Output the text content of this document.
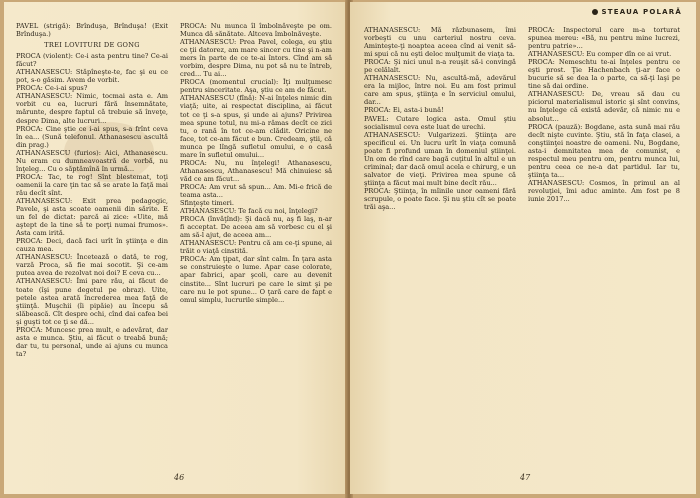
PAVEL (strigă): Brînduşa, Brînduşa! (Exit Brînduşa.)

TREI LOVITURI DE GONG

PROCA (violent): Ce-i asta pentru tine? Ce-ai făcut?

ATHANASESCU: Stăpîneşte-te, fac şi eu ce pot, s-o găsim. Avem de vorbit.

PROCA: Ce-i-ai spus?

ATHANASESCU: Nimic, tocmai asta e. Am vorbit cu ea, lucruri fără însemnătate, mărunte, despre faptul că trebuie să înveţe, despre Dima, alte lucruri...

PROCA: Cine ştie ce i-ai spus, s-a frînt ceva în ea... (Sună telefonul. Athanasescu ascultă din prag.)

ATHANASESCU (furios): Aici, Athanasescu. Nu eram cu dumneavoastră de vorbă, nu înţeleg... Cu o săptămînă în urmă...

PROCA: Tac, te rog! Sînt blestemat, toţi oamenii la care ţin tac să se arate la faţă mai rău decît sînt.

ATHANASESCU: Exit prea pedagogic, Pavele, şi asta scoate oamenii din sărite. E un fel de dictat: parcă ai zice: «Uite, mă aştept de la tine să te porţi numai frumos». Asta cam irită.

PROCA: Deci, dacă faci urît în ştiinţa e din cauza mea.

ATHANASESCU: Încetează o dată, te rog, varză Proca, să fie mai socotit. Şi ce-am putea avea de rezolvat noi doi? E ceva cu...

ATHANASESCU: Îmi pare rău, ai făcut de toate (îşi pune degetul pe obraz). Uite, petele astea arată încrederea mea faţă de ştiinţă. Muşchii (îi pipăie) au începu să slăbească. Cît despre ochi, cînd dai cafea bei şi guşti tot ce ţi se dă...

PROCA: Muncesc prea mult, e adevărat, dar asta e munca. Ştiu, ai făcut o treabă bună; dar tu, tu personal, unde ai ajuns cu munca ta?

PROCA: Nu munca îl îmbolnăveşte pe om. Munca dă sănătate. Altceva îmbolnăveşte.

ATHANASESCU: Prea Pavel, colega, eu ştiu ce ţii datorez, am mare sincer cu tine şi n-am mers în parte de ce te-ai întors. Cînd am să vorbim, despre Dima, nu pot să nu te întreb, cred... Tu ai...

PROCA (momentul crucial): Îţi mulţumesc pentru sinceritate. Aşa, ştiu ce am de făcut.

ATHANASESCU (fînă): N-ai înţeles nimic din viaţă; uite, ai respectat disciplina, ai făcut tot ce ţi s-a spus, şi unde ai ajuns? Privirea mea spune totul, nu mi-a rămas decît ce zici tu, o rană în tot ce-am clădit. Oricine ne face, tot ce-am făcut e bun. Credeam, ştii, că munca pe lîngă sufletul omului, e o casă mare în sufletul omului...

PROCA: Nu, nu înţelegi! Athanasescu, Athanasescu, Athanasescu! Mă chinuiesc să văd ce am făcut...

PROCA: Am vrut să spun... Am. Mi-e frică de teama asta...

Sfinţeşte timeri.

ATHANASESCU: Te facă cu noi, înţelegi?

PROCA (învăţînd): Şi dacă nu, aş fi laş, n-ar fi acceptat. De aceea am să vorbesc cu el şi am să-l ajut, de aceea am...

ATHANASESCU: Pentru că am ce-ţi spune, ai trăit o viaţă cinstită.

PROCA: Am ţipat, dar sînt calm. În ţara asta se construieşte o lume. Apar case colorate, apar fabrici, apar şcoli, care au devenit cinstite... Sînt lucruri pe care le simt şi pe care nu le pot spune... O ţară care de fapt e omul simplu, lucrurile simple...

46
STEAUA POLARĂ

ATHANASESCU: Mă răzbunasem, îmi vorbeşti cu unu carteriul nostru ceva. Aminteşte-ţi noaptea aceea cînd ai venit să-mi spui că nu eşti deloc mulţumit de viaţa ta.

PROCA: Şi nici unul n-a reuşit să-i convingă pe celălalt.

ATHANASESCU: Nu, ascultă-mă, adevărul era la mijloc, între noi. Eu am fost primul care am spus, ştiinţa e în serviciul omului, dar...

PROCA: Ei, asta-i bună!

PAVEL: Cutare logica asta. Omul ştiu socialismul ceva este luat de urechi.

ATHANASESCU: Vulgarizezi. Ştiinţa are specificul ei. Un lucru urît în viaţa comună poate fi profund uman în domeniul ştiinţei. Un om de rînd care bagă cuţitul în altul e un criminal; dar dacă omul acela e chirurg, e un salvator de vieţi. Privirea mea spune că ştiinţa a făcut mai mult bine decît rău...

PROCA: Ştiinţa, în mîinile unor oameni fără scrupule, o poate face. Şi nu ştiu cît se poate trăi aşa...

PROCA: Inspectorul care m-a torturat spunea mereu: «Bă, nu pentru mine lucrezi, pentru patrie»...

ATHANASESCU: Eu comper dîn ce ai vrut.

PROCA: Nemeschtu te-ai înţeles pentru ce eşti prost. Ţie Hachenbach ţi-ar face o bucurie să se dea la o parte, ca să-ţi laşi pe tine să dai ordine.

ATHANASESCU: De, vreau să dau cu piciorul materialismul istoric şi sînt convins, nu înţelege că există adevăr, că nimic nu e absolut...

PROCA (pauză): Bogdane, asta sună mai rău decît nişte cuvinte. Ştiu, stă în faţa clasei, a conştiinţei noastre de oameni. Nu, Bogdane, asta-i demnitatea mea de comunist, e respectul meu pentru om, pentru munca lui, pentru ceea ce ne-a dat partidul. Iar tu, ştiinţa ta...

ATHANASESCU: Cosmos, în primul an al revoluţiei, îmi aduc aminte. Am fost pe 8 iunie 2017...

47
